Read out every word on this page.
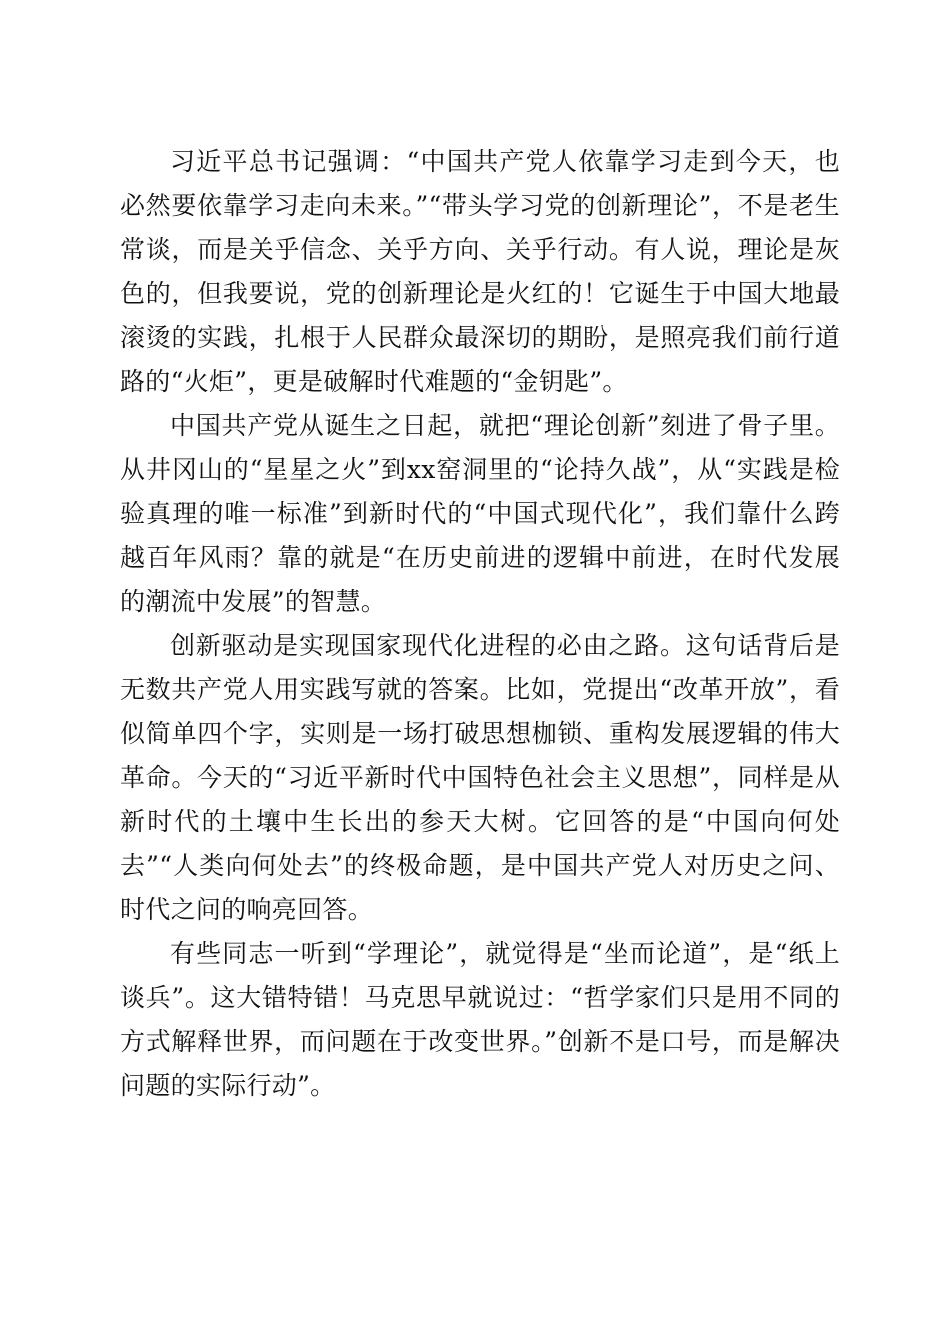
习近平总书记强调：“中国共产党人依靠学习走到今天，也必然要依靠学习走向未来。”“带头学习党的创新理论”，不是老生常谈，而是关乎信念、关乎方向、关乎行动。有人说，理论是灰色的，但我要说，党的创新理论是火红的！它诞生于中国大地最滚烫的实践，扎根于人民群众最深切的期盼，是照亮我们前行道路的“火炬”，更是破解时代难题的“金钥匙”。

中国共产党从诞生之日起，就把“理论创新”刻进了骨子里。从井冈山的“星星之火”到xx窑洞里的“论持久战”，从“实践是检验真理的唯一标准”到新时代的“中国式现代化”，我们靠什么跨越百年风雨？靠的就是“在历史前进的逻辑中前进，在时代发展的潮流中发展”的智慧。

创新驱动是实现国家现代化进程的必由之路。这句话背后是无数共产党人用实践写就的答案。比如，党提出“改革开放”，看似简单四个字，实则是一场打破思想枷锁、重构发展逻辑的伟大革命。今天的“习近平新时代中国特色社会主义思想”，同样是从新时代的土壤中生长出的参天大树。它回答的是“中国向何处去”“人类向何处去”的终极命题，是中国共产党人对历史之问、时代之问的响亮回答。

有些同志一听到“学理论”，就觉得是“坐而论道”，是“纸上谈兵”。这大错特错！马克思早就说过：“哲学家们只是用不同的方式解释世界，而问题在于改变世界。”创新不是口号，而是解决问题的实际行动”。
